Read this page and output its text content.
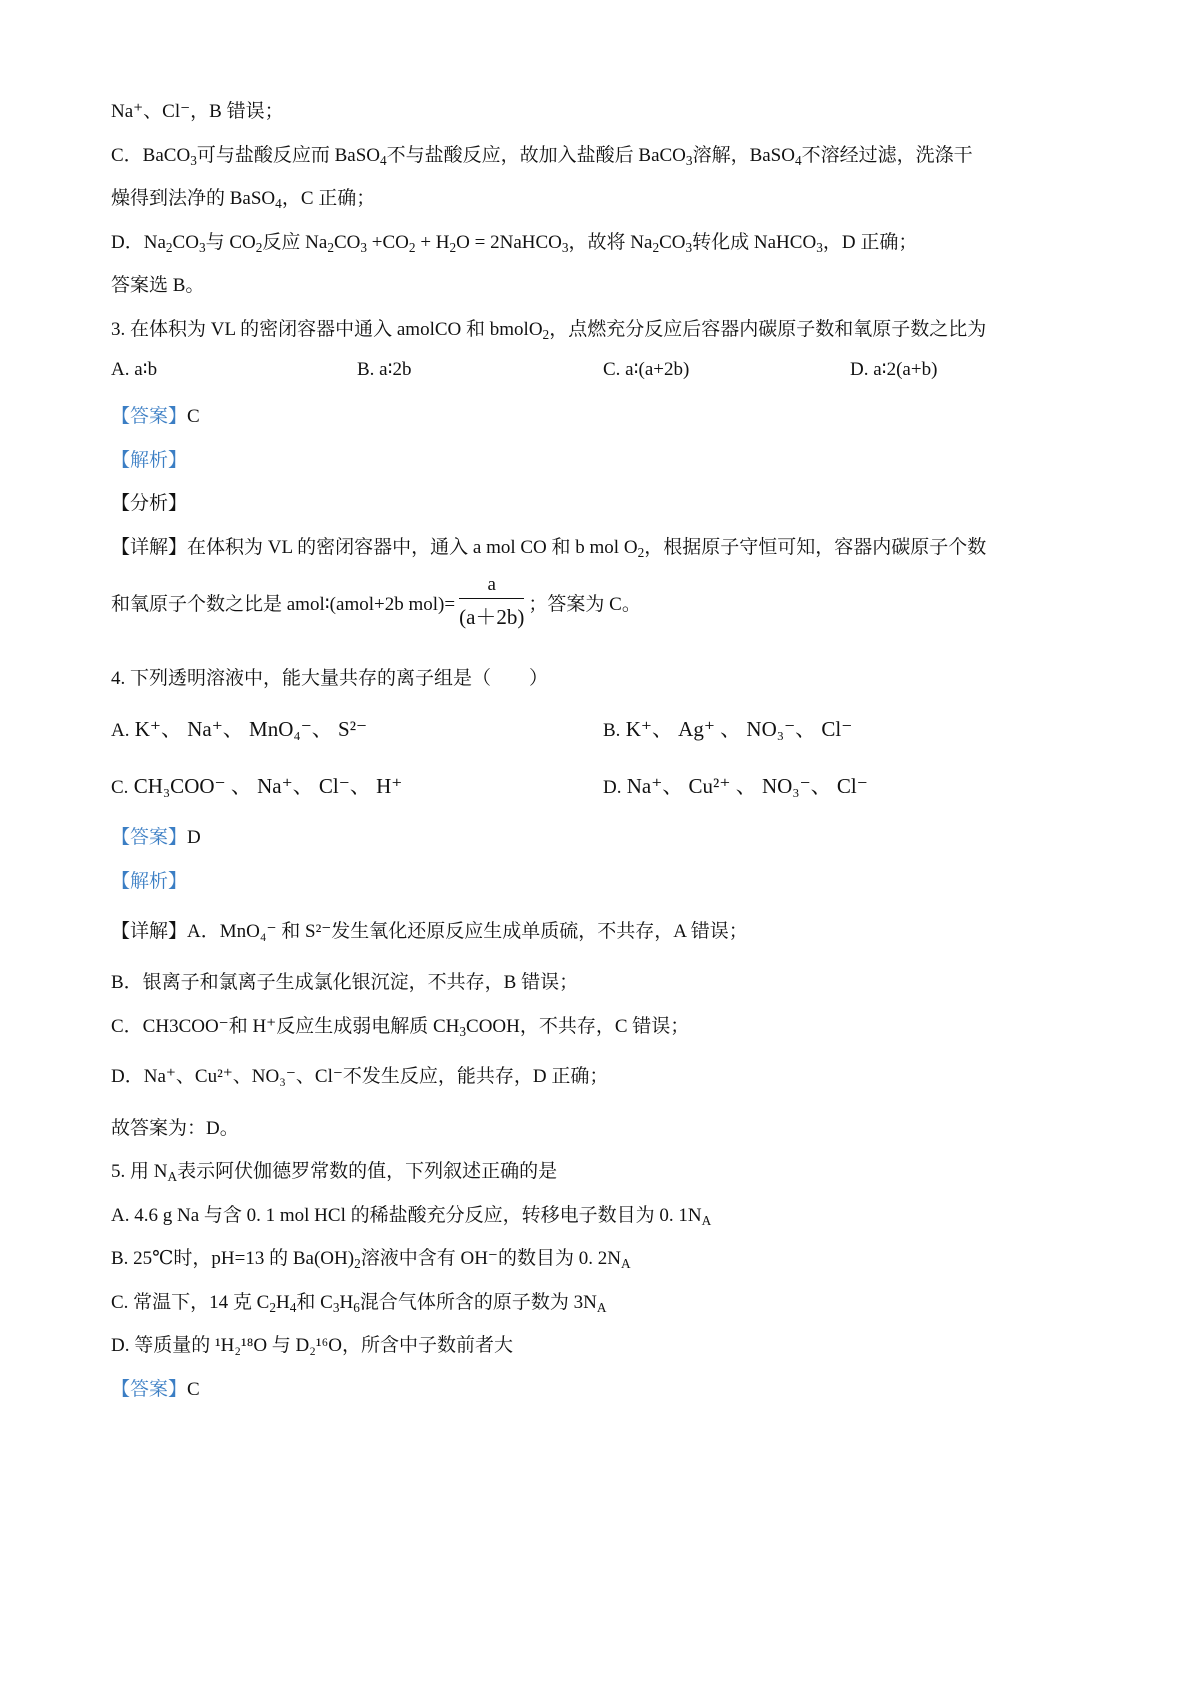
Na⁺、Cl⁻，B 错误；
C．BaCO$_3$可与盐酸反应而 BaSO$_4$不与盐酸反应，故加入盐酸后 BaCO$_3$溶解，BaSO$_4$不溶经过滤，洗涤干
燥得到法净的 BaSO$_4$，C 正确；
D．$Na_2CO_3$与 $CO_2$反应 $Na_2CO_3 +CO_2 + H_2O$ = 2NaHCO$_3$，故将 $Na_2CO_3$转化成 NaHCO$_3$，D 正确；
答案选 B。
3. 在体积为 VL 的密闭容器中通入 amolCO 和 bmolO$_2$，点燃充分反应后容器内碳原子数和氧原子数之比为
A. a∶b	B. a∶2b	C. a∶(a+2b)	D. a∶2(a+b)
【答案】C
【解析】
【分析】
【详解】在体积为 VL 的密闭容器中，通入 a mol CO 和 b mol $O_2$，根据原子守恒可知，容器内碳原子个数
和氧原子个数之比是 amol∶(amol+2b $mol)= \frac{a}{(a+2b)}$ ；答案为 C。
4. 下列透明溶液中，能大量共存的离子组是（　　）
A. K⁺、 Na⁺、 MnO₄⁻、 S²⁻	B. K⁺、 Ag⁺ 、 NO₃⁻、 Cl⁻
C. CH₃COO⁻ 、 Na⁺、 Cl⁻、 H⁺	D. Na⁺、 Cu²⁺ 、 NO₃⁻、 Cl⁻
【答案】D
【解析】
【详解】A．MnO₄⁻ 和 S²⁻发生氧化还原反应生成单质硫，不共存，A 错误；
B．银离子和氯离子生成氯化银沉淀，不共存，B 错误；
C．CH3COO⁻和 H⁺反应生成弱电解质 $CH_3COOH$，不共存，C 错误；
D．Na⁺、Cu²⁺、NO₃⁻、Cl⁻不发生反应，能共存，D 正确；
故答案为：D。
5. 用 $N_A$表示阿伏伽德罗常数的值，下列叙述正确的是
A. 4.6 g Na 与含 0. 1 mol HCl 的稀盐酸充分反应，转移电子数目为 0. $1N_A$
B. 25℃时，pH=13 的 $Ba(OH)_2$溶液中含有 OH⁻的数目为 0. $2N_A$
C. 常温下，14 克 $C_2H_4$和 $C_3H_6$混合气体所含的原子数为 $3N_A$
D. 等质量的 ¹H₂¹⁸O 与 D₂¹⁶O，所含中子数前者大
【答案】C
